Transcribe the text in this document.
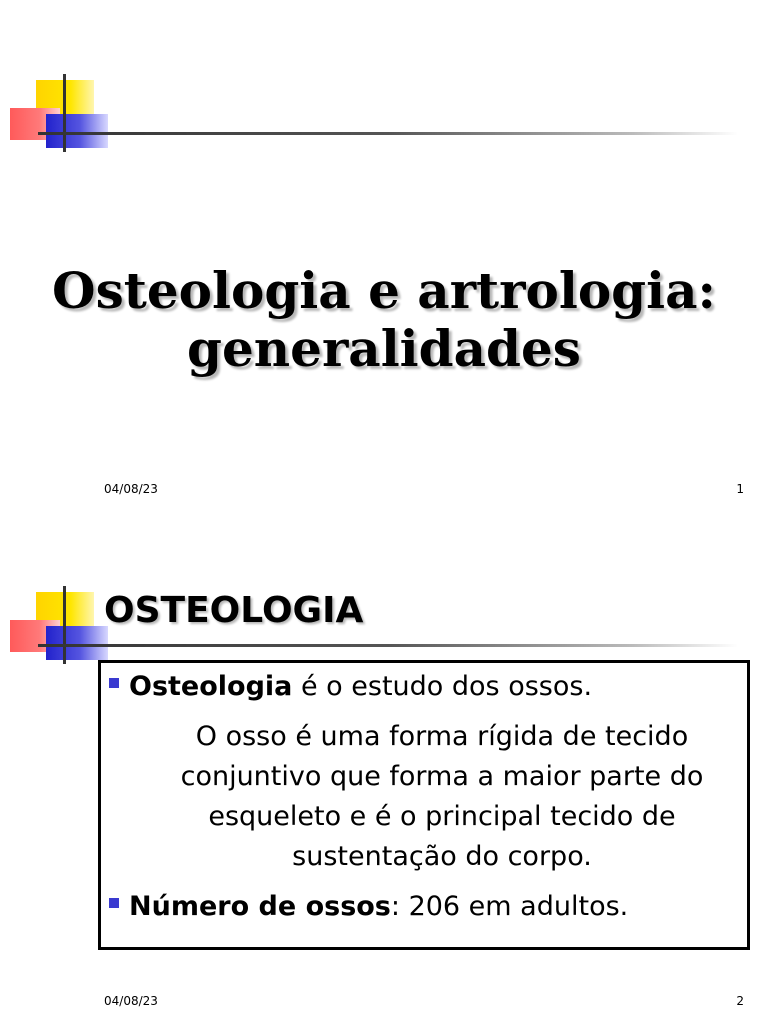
Osteologia e artrologia:
generalidades
04/08/23	1
OSTEOLOGIA
Osteologia é o estudo dos ossos.
O osso é uma forma rígida de tecido
conjuntivo que forma a maior parte do
esqueleto e é o principal tecido de
sustentação do corpo.
Número de ossos: 206 em adultos.
04/08/23	2
